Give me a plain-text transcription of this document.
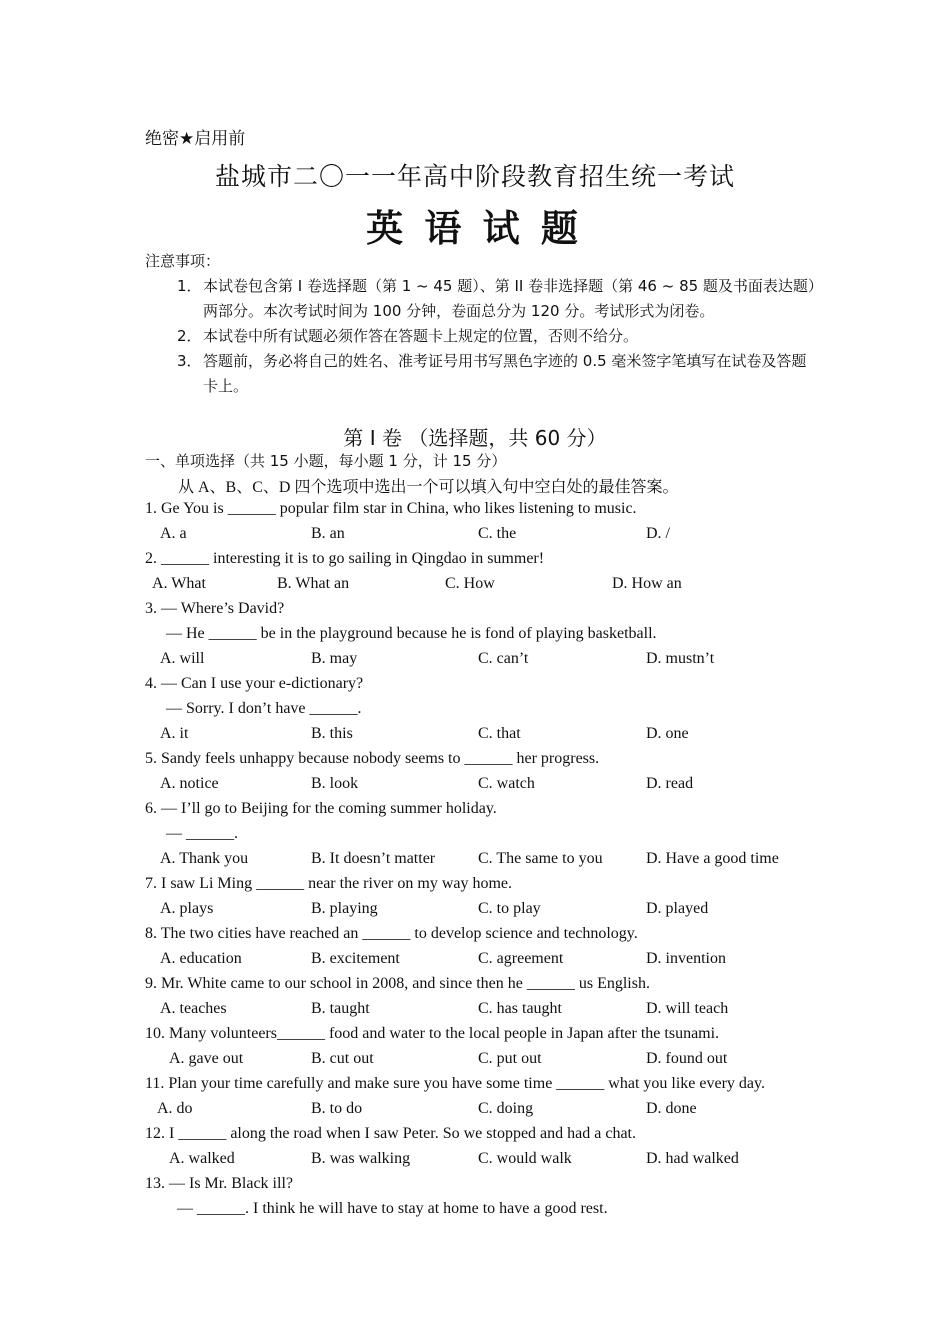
绝密★启用前
盐城市二〇一一年高中阶段教育招生统一考试
英 语 试 题
注意事项：
1． 本试卷包含第 I 卷选择题（第 1 ~ 45 题）、第 II 卷非选择题（第 46 ~ 85 题及书面表达题）两部分。本次考试时间为 100 分钟，卷面总分为 120 分。考试形式为闭卷。
2． 本试卷中所有试题必须作答在答题卡上规定的位置，否则不给分。
3． 答题前，务必将自己的姓名、准考证号用书写黑色字迹的 0.5 毫米签字笔填写在试卷及答题卡上。
第 Ⅰ 卷 （选择题，共 60 分）
一、单项选择（共 15 小题，每小题 1 分，计 15 分）
从 A、B、C、D 四个选项中选出一个可以填入句中空白处的最佳答案。
1. Ge You is ______ popular film star in China, who likes listening to music.
A. a	B. an	C. the	D. /
2. ______ interesting it is to go sailing in Qingdao in summer!
A. What	B. What an	C. How	D. How an
3. — Where’s David?
— He ______ be in the playground because he is fond of playing basketball.
A. will	B. may	C. can’t	D. mustn’t
4. — Can I use your e-dictionary?
— Sorry. I don’t have ______.
A. it	B. this	C. that	D. one
5. Sandy feels unhappy because nobody seems to ______ her progress.
A. notice	B. look	C. watch	D. read
6. — I’ll go to Beijing for the coming summer holiday.
— ______.
A. Thank you	B. It doesn’t matter	C. The same to you	D. Have a good time
7. I saw Li Ming ______ near the river on my way home.
A. plays	B. playing	C. to play	D. played
8. The two cities have reached an ______ to develop science and technology.
A. education	B. excitement	C. agreement	D. invention
9. Mr. White came to our school in 2008, and since then he ______ us English.
A. teaches	B. taught	C. has taught	D. will teach
10. Many volunteers______ food and water to the local people in Japan after the tsunami.
A. gave out	B. cut out	C. put out	D. found out
11. Plan your time carefully and make sure you have some time ______ what you like every day.
A. do	B. to do	C. doing	D. done
12. I ______ along the road when I saw Peter. So we stopped and had a chat.
A. walked	B. was walking	C. would walk	D. had walked
13. — Is Mr. Black ill?
— ______. I think he will have to stay at home to have a good rest.
